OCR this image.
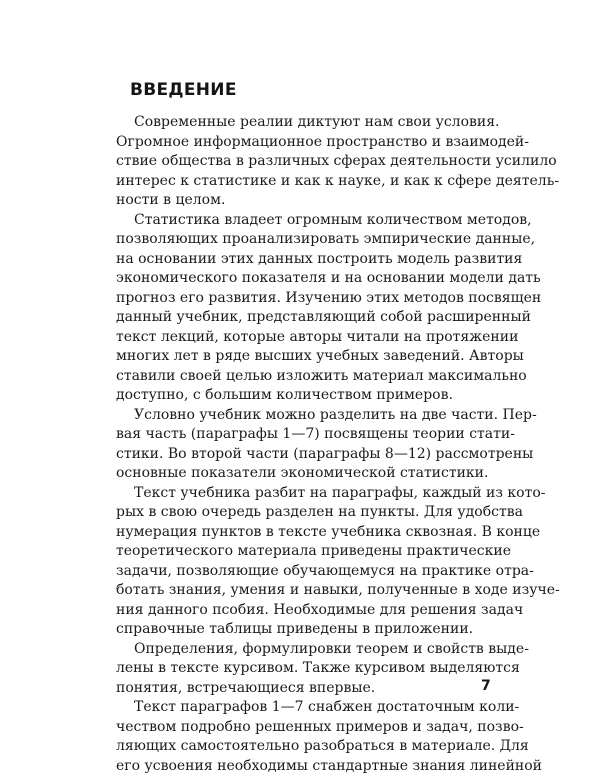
ВВЕДЕНИЕ
Современные реалии диктуют нам свои условия.
Огромное информационное пространство и взаимодей-
ствие общества в различных сферах деятельности усилило
интерес к статистике и как к науке, и как к сфере деятель-
ности в целом.
Статистика владеет огромным количеством методов,
позволяющих проанализировать эмпирические данные,
на основании этих данных построить модель развития
экономического показателя и на основании модели дать
прогноз его развития. Изучению этих методов посвящен
данный учебник, представляющий собой расширенный
текст лекций, которые авторы читали на протяжении
многих лет в ряде высших учебных заведений. Авторы
ставили своей целью изложить материал максимально
доступно, с большим количеством примеров.
Условно учебник можно разделить на две части. Пер-
вая часть (параграфы 1—7) посвящены теории стати-
стики. Во второй части (параграфы 8—12) рассмотрены
основные показатели экономической статистики.
Текст учебника разбит на параграфы, каждый из кото-
рых в свою очередь разделен на пункты. Для удобства
нумерация пунктов в тексте учебника сквозная. В конце
теоретического материала приведены практические
задачи, позволяющие обучающемуся на практике отра-
ботать знания, умения и навыки, полученные в ходе изуче-
ния данного псобия. Необходимые для решения задач
справочные таблицы приведены в приложении.
Определения, формулировки теорем и свойств выде-
лены в тексте курсивом. Также курсивом выделяются
понятия, встречающиеся впервые.
Текст параграфов 1—7 снабжен достаточным коли-
чеством подробно решенных примеров и задач, позво-
ляющих самостоятельно разобраться в материале. Для
его усвоения необходимы стандартные знания линейной
7
